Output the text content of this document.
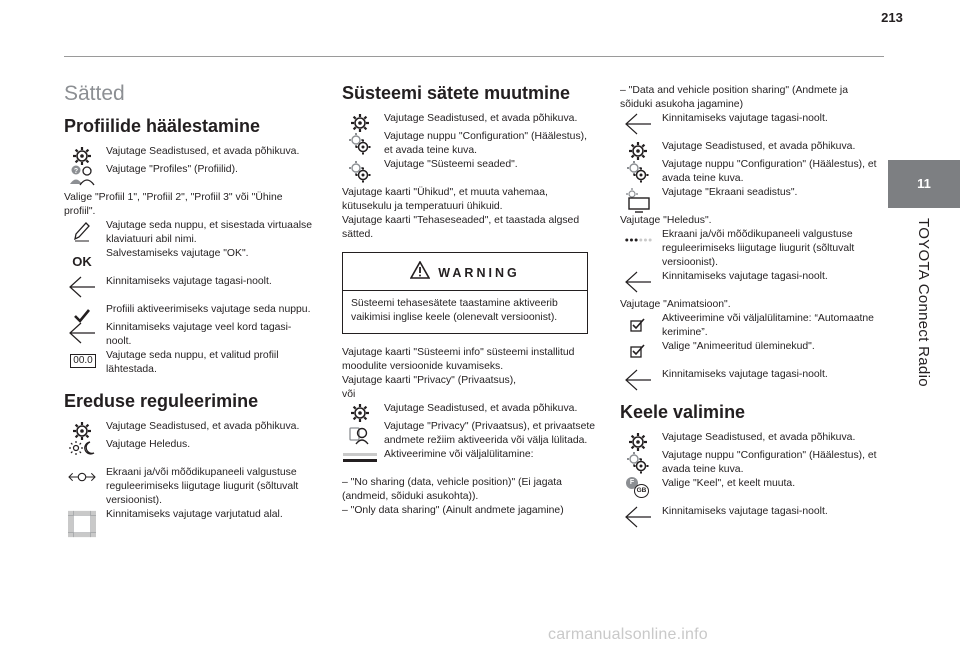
213
11
TOYOTA Connect Radio
Sätted
Profiilide häälestamine
Vajutage Seadistused, et avada põhikuva.
?	Vajutage "Profiles" (Profiilid).
Valige "Profiil 1", "Profiil 2", "Profiil 3" või "Ühine profiil".
Vajutage seda nuppu, et sisestada virtuaalse klaviatuuri abil nimi.
OK
Salvestamiseks vajutage "OK".
Kinnitamiseks vajutage tagasi-noolt.
Profiili aktiveerimiseks vajutage seda nuppu.
Kinnitamiseks vajutage veel kord tagasi-noolt.
00.0 Vajutage seda nuppu, et valitud profiil lähtestada.
Ereduse reguleerimine
Vajutage Seadistused, et avada põhikuva.
Vajutage Heledus.
Ekraani ja/või mõõdikupaneeli valgustuse reguleerimiseks liigutage liugurit (sõltuvalt versioonist).
Kinnitamiseks vajutage varjutatud alal.
Süsteemi sätete muutmine
Vajutage Seadistused, et avada põhikuva.
Vajutage nuppu "Configuration" (Häälestus), et avada teine kuva.
Vajutage "Süsteemi seaded".
Vajutage kaarti "Ühikud", et muuta vahemaa, kütusekulu ja temperatuuri ühikuid.
Vajutage kaarti "Tehaseseaded", et taastada algsed sätted.
WARNING
Süsteemi tehasesätete taastamine aktiveerib vaikimisi inglise keele (olenevalt versioonist).
Vajutage kaarti "Süsteemi info" süsteemi installitud moodulite versioonide kuvamiseks.
Vajutage kaarti "Privacy" (Privaatsus),
või
Vajutage Seadistused, et avada põhikuva.
Vajutage "Privacy" (Privaatsus), et privaatsete andmete režiim aktiveerida või välja lülitada.
Aktiveerimine või väljalülitamine:
– "No sharing (data, vehicle position)" (Ei jagata (andmeid, sõiduki asukohta)).
– "Only data sharing" (Ainult andmete jagamine)
– "Data and vehicle position sharing" (Andmete ja sõiduki asukoha jagamine)
Kinnitamiseks vajutage tagasi-noolt.
Vajutage Seadistused, et avada põhikuva.
Vajutage nuppu "Configuration" (Häälestus), et avada teine kuva.
Vajutage "Ekraani seadistus".
Vajutage "Heledus".
Ekraani ja/või mõõdikupaneeli valgustuse reguleerimiseks liigutage liugurit (sõltuvalt versioonist).
Kinnitamiseks vajutage tagasi-noolt.
Vajutage "Animatsioon".
Aktiveerimine või väljalülitamine: “Automaatne kerimine”.
Valige "Animeeritud üleminekud".
Kinnitamiseks vajutage tagasi-noolt.
Keele valimine
Vajutage Seadistused, et avada põhikuva.
Vajutage nuppu "Configuration" (Häälestus), et avada teine kuva.
F
GB
Valige "Keel", et keelt muuta.
Kinnitamiseks vajutage tagasi-noolt.
carmanualsonline.info
